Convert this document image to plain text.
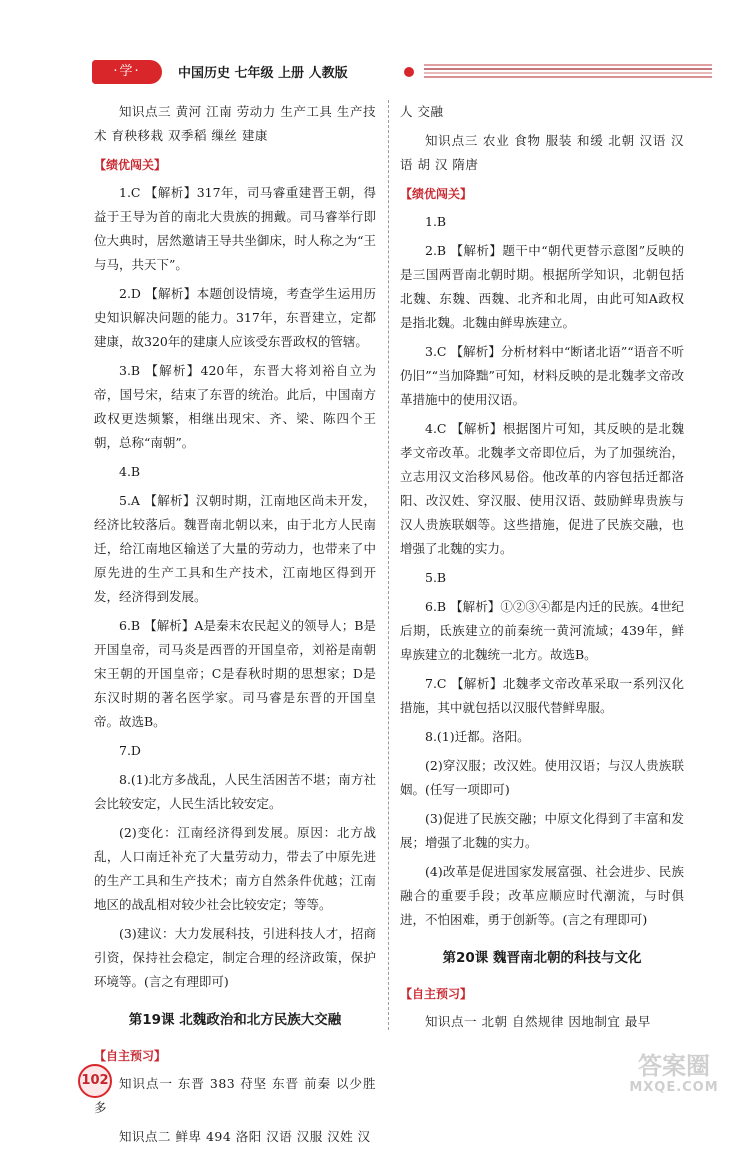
·学·	中国历史 七年级 上册 人教版

知识点三 黄河 江南 劳动力 生产工具 生产技术 育秧移栽 双季稻 缫丝 建康

【绩优闯关】

1.C 【解析】317年，司马睿重建晋王朝，得益于王导为首的南北大贵族的拥戴。司马睿举行即位大典时，居然邀请王导共坐御床，时人称之为“王与马，共天下”。

2.D 【解析】本题创设情境，考查学生运用历史知识解决问题的能力。317年，东晋建立，定都建康，故320年的建康人应该受东晋政权的管辖。

3.B 【解析】420年，东晋大将刘裕自立为帝，国号宋，结束了东晋的统治。此后，中国南方政权更迭频繁，相继出现宋、齐、梁、陈四个王朝，总称“南朝”。

4.B

5.A 【解析】汉朝时期，江南地区尚未开发，经济比较落后。魏晋南北朝以来，由于北方人民南迁，给江南地区输送了大量的劳动力，也带来了中原先进的生产工具和生产技术，江南地区得到开发，经济得到发展。

6.B 【解析】A是秦末农民起义的领导人；B是开国皇帝，司马炎是西晋的开国皇帝，刘裕是南朝宋王朝的开国皇帝；C是春秋时期的思想家；D是东汉时期的著名医学家。司马睿是东晋的开国皇帝。故选B。

7.D

8.(1)北方多战乱，人民生活困苦不堪；南方社会比较安定，人民生活比较安定。

(2)变化：江南经济得到发展。原因：北方战乱，人口南迁补充了大量劳动力，带去了中原先进的生产工具和生产技术；南方自然条件优越；江南地区的战乱相对较少社会比较安定；等等。

(3)建议：大力发展科技，引进科技人才，招商引资，保持社会稳定，制定合理的经济政策，保护环境等。(言之有理即可)

第19课 北魏政治和北方民族大交融
【自主预习】

知识点一 东晋 383 苻坚 东晋 前秦 以少胜多

知识点二 鲜卑 494 洛阳 汉语 汉服 汉姓 汉

人 交融

知识点三 农业 食物 服装 和缓 北朝 汉语 汉语 胡 汉 隋唐

【绩优闯关】

1.B

2.B 【解析】题干中“朝代更替示意图”反映的是三国两晋南北朝时期。根据所学知识，北朝包括北魏、东魏、西魏、北齐和北周，由此可知A政权是指北魏。北魏由鲜卑族建立。

3.C 【解析】分析材料中“断诸北语”“语音不听仍旧”“当加降黜”可知，材料反映的是北魏孝文帝改革措施中的使用汉语。

4.C 【解析】根据图片可知，其反映的是北魏孝文帝改革。北魏孝文帝即位后，为了加强统治，立志用汉文治移风易俗。他改革的内容包括迁都洛阳、改汉姓、穿汉服、使用汉语、鼓励鲜卑贵族与汉人贵族联姻等。这些措施，促进了民族交融，也增强了北魏的实力。

5.B

6.B 【解析】①②③④都是内迁的民族。4世纪后期，氐族建立的前秦统一黄河流域；439年，鲜卑族建立的北魏统一北方。故选B。

7.C 【解析】北魏孝文帝改革采取一系列汉化措施，其中就包括以汉服代替鲜卑服。

8.(1)迁都。洛阳。

(2)穿汉服；改汉姓。使用汉语；与汉人贵族联姻。(任写一项即可)

(3)促进了民族交融；中原文化得到了丰富和发展；增强了北魏的实力。

(4)改革是促进国家发展富强、社会进步、民族融合的重要手段；改革应顺应时代潮流，与时俱进，不怕困难，勇于创新等。(言之有理即可)

第20课 魏晋南北朝的科技与文化
【自主预习】

知识点一 北朝 自然规律 因地制宜 最早

102
答案圈
MXQE.COM
